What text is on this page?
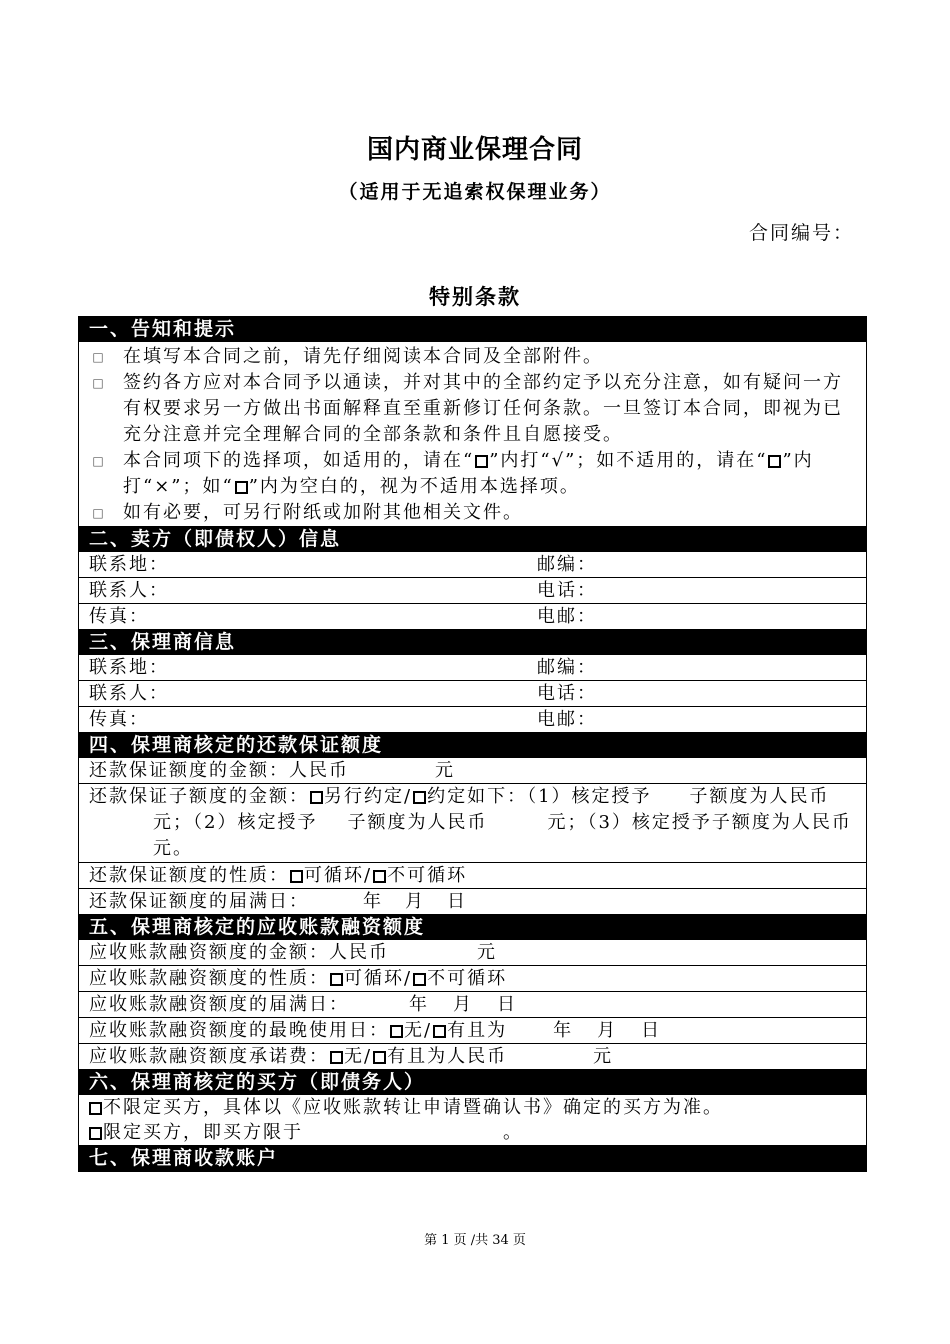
国内商业保理合同
（适用于无追索权保理业务）
合同编号：
特别条款
一、告知和提示
□ 在填写本合同之前，请先仔细阅读本合同及全部附件。
□ 签约各方应对本合同予以通读，并对其中的全部约定予以充分注意，如有疑问一方有权要求另一方做出书面解释直至重新修订任何条款。一旦签订本合同，即视为已充分注意并完全理解合同的全部条款和条件且自愿接受。
□ 本合同项下的选择项，如适用的，请在“ ”内打“√”；如不适用的，请在“ ”内打“×”；如“ ”内为空白的，视为不适用本选择项。
□ 如有必要，可另行附纸或加附其他相关文件。
二、卖方（即债权人）信息
联系地：	邮编：
联系人：	电话：
传真：	电邮：
三、保理商信息
联系地：	邮编：
联系人：	电话：
传真：	电邮：
四、保理商核定的还款保证额度
还款保证额度的金额：人民币	元
还款保证子额度的金额： 另行约定/ 约定如下：（1）核定授予 子额度为人民币元；（2）核定授予 子额度为人民币	元；（3）核定授予子额度为人民币元。
还款保证额度的性质： 可循环/ 不可循环
还款保证额度的届满日：	年 月 日
五、保理商核定的应收账款融资额度
应收账款融资额度的金额：人民币	元
应收账款融资额度的性质： 可循环/ 不可循环
应收账款融资额度的届满日：	年 月 日
应收账款融资额度的最晚使用日： 无/ 有且为	年 月 日
应收账款融资额度承诺费： 无/ 有且为人民币	元
六、保理商核定的买方（即债务人）
不限定买方，具体以《应收账款转让申请暨确认书》确定的买方为准。
限定买方，即买方限于	。
七、保理商收款账户
第 1 页 /共 34 页
